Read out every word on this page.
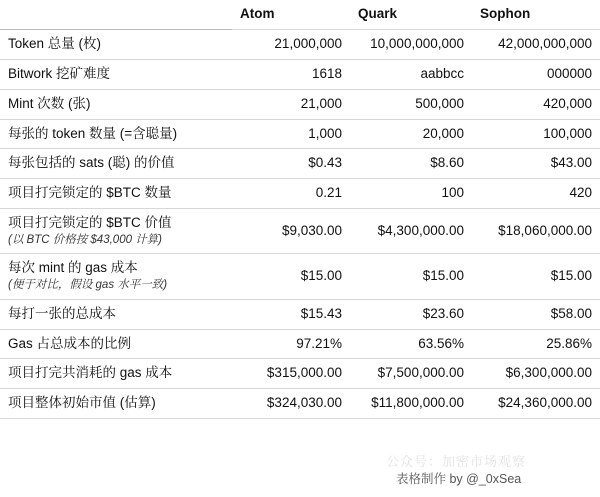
	Atom	Quark	Sophon
Token 总量 (枚)	21,000,000	10,000,000,000	42,000,000,000
Bitwork 挖矿难度	1618	aabbcc	000000
Mint 次数 (张)	21,000	500,000	420,000
每张的 token 数量 (=含聪量)	1,000	20,000	100,000
每张包括的 sats (聪) 的价值	$0.43	$8.60	$43.00
项目打完锁定的 $BTC 数量	0.21	100	420
项目打完锁定的 $BTC 价值
(以 BTC 价格按 $43,000 计算)	$9,030.00	$4,300,000.00	$18,060,000.00
每次 mint 的 gas 成本
(便于对比，假设 gas 水平一致)	$15.00	$15.00	$15.00
每打一张的总成本	$15.43	$23.60	$58.00
Gas 占总成本的比例	97.21%	63.56%	25.86%
项目打完共消耗的 gas 成本	$315,000.00	$7,500,000.00	$6,300,000.00
项目整体初始市值 (估算)	$324,030.00	$11,800,000.00	$24,360,000.00
公众号：加密市场观察
表格制作 by @_0xSea
